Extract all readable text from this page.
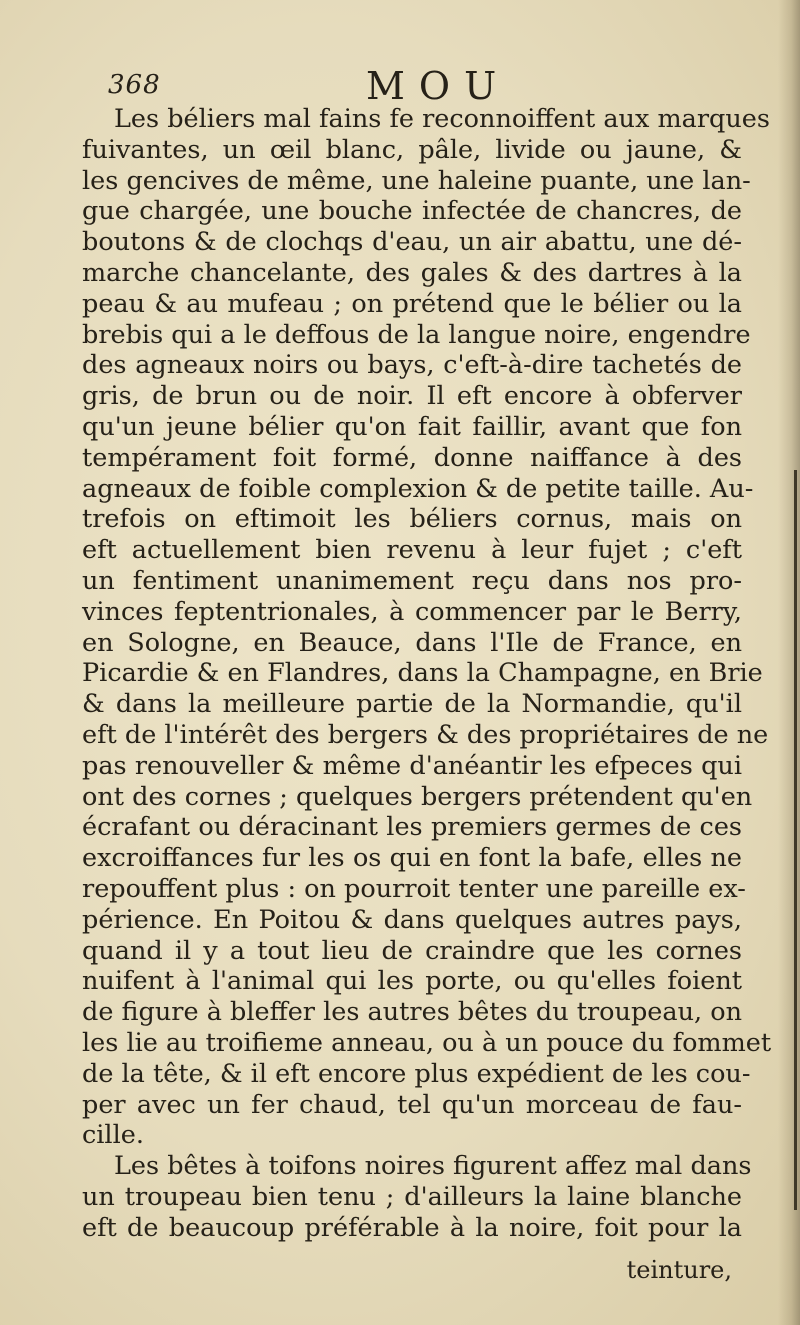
368	MOU
Les béliers mal fains fe reconnoiffent aux marques
fuivantes, un œil blanc, pâle, livide ou jaune, &
les gencives de même, une haleine puante, une lan-
gue chargée, une bouche infectée de chancres, de
boutons & de clochqs d'eau, un air abattu, une dé-
marche chancelante, des gales & des dartres à la
peau & au mufeau ; on prétend que le bélier ou la
brebis qui a le deffous de la langue noire, engendre
des agneaux noirs ou bays, c'eft-à-dire tachetés de
gris, de brun ou de noir. Il eft encore à obferver
qu'un jeune bélier qu'on fait faillir, avant que fon
tempérament foit formé, donne naiffance à des
agneaux de foible complexion & de petite taille. Au-
trefois on eftimoit les béliers cornus, mais on
eft actuellement bien revenu à leur fujet ; c'eft
un fentiment unanimement reçu dans nos pro-
vinces feptentrionales, à commencer par le Berry,
en Sologne, en Beauce, dans l'Ile de France, en
Picardie & en Flandres, dans la Champagne, en Brie
& dans la meilleure partie de la Normandie, qu'il
eft de l'intérêt des bergers & des propriétaires de ne
pas renouveller & même d'anéantir les efpeces qui
ont des cornes ; quelques bergers prétendent qu'en
écrafant ou déracinant les premiers germes de ces
excroiffances fur les os qui en font la bafe, elles ne
repouffent plus : on pourroit tenter une pareille ex-
périence. En Poitou & dans quelques autres pays,
quand il y a tout lieu de craindre que les cornes
nuifent à l'animal qui les porte, ou qu'elles foient
de figure à bleffer les autres bêtes du troupeau, on
les lie au troifieme anneau, ou à un pouce du fommet
de la tête, & il eft encore plus expédient de les cou-
per avec un fer chaud, tel qu'un morceau de fau-
cille.
Les bêtes à toifons noires figurent affez mal dans
un troupeau bien tenu ; d'ailleurs la laine blanche
eft de beaucoup préférable à la noire, foit pour la
teinture,
